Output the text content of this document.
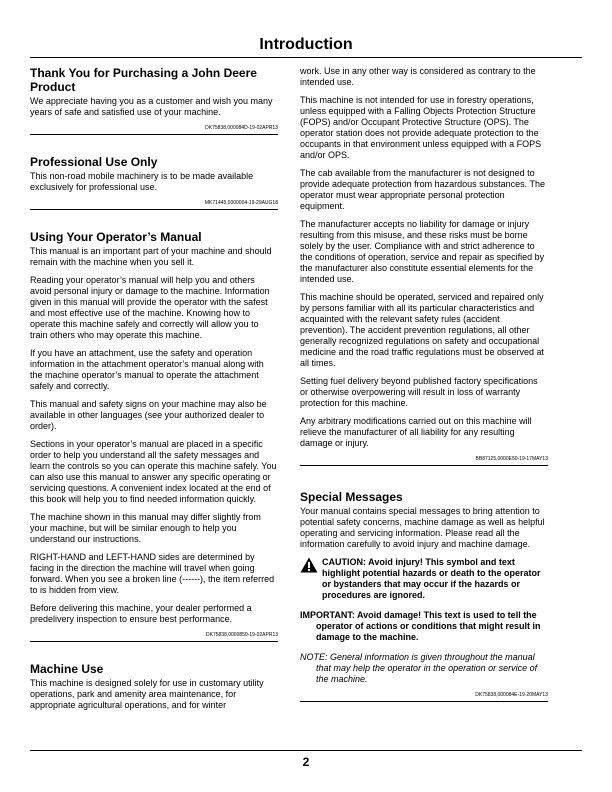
Introduction
Thank You for Purchasing a John Deere Product

We appreciate having you as a customer and wish you many years of safe and satisfied use of your machine.

DK75838,000084D-19-02APR13
Professional Use Only

This non-road mobile machinery is to be made available exclusively for professional use.

MK71445,0000004-19-29AUG18
Using Your Operator’s Manual

This manual is an important part of your machine and should remain with the machine when you sell it.

Reading your operator’s manual will help you and others avoid personal injury or damage to the machine. Information given in this manual will provide the operator with the safest and most effective use of the machine. Knowing how to operate this machine safely and correctly will allow you to train others who may operate this machine.

If you have an attachment, use the safety and operation information in the attachment operator’s manual along with the machine operator’s manual to operate the attachment safely and correctly.

This manual and safety signs on your machine may also be available in other languages (see your authorized dealer to order).

Sections in your operator’s manual are placed in a specific order to help you understand all the safety messages and learn the controls so you can operate this machine safely. You can also use this manual to answer any specific operating or servicing questions. A convenient index located at the end of this book will help you to find needed information quickly.

The machine shown in this manual may differ slightly from your machine, but will be similar enough to help you understand our instructions.

RIGHT-HAND and LEFT-HAND sides are determined by facing in the direction the machine will travel when going forward. When you see a broken line (------), the item referred to is hidden from view.

Before delivering this machine, your dealer performed a predelivery inspection to ensure best performance.

DK75838,0000850-19-02APR13
Machine Use

This machine is designed solely for use in customary utility operations, park and amenity area maintenance, for appropriate agricultural operations, and for winter

work. Use in any other way is considered as contrary to the intended use.

This machine is not intended for use in forestry operations, unless equipped with a Falling Objects Protection Structure (FOPS) and/or Occupant Protective Structure (OPS). The operator station does not provide adequate protection to the occupants in that environment unless equipped with a FOPS and/or OPS.

The cab available from the manufacturer is not designed to provide adequate protection from hazardous substances. The operator must wear appropriate personal protection equipment.

The manufacturer accepts no liability for damage or injury resulting from this misuse, and these risks must be borne solely by the user. Compliance with and strict adherence to the conditions of operation, service and repair as specified by the manufacturer also constitute essential elements for the intended use.

This machine should be operated, serviced and repaired only by persons familiar with all its particular characteristics and acquainted with the relevant safety rules (accident prevention). The accident prevention regulations, all other generally recognized regulations on safety and occupational medicine and the road traffic regulations must be observed at all times.

Setting fuel delivery beyond published factory specifications or otherwise overpowering will result in loss of warranty protection for this machine.

Any arbitrary modifications carried out on this machine will relieve the manufacturer of all liability for any resulting damage or injury.

BB87125,0000E50-19-17MAY13
Special Messages

Your manual contains special messages to bring attention to potential safety concerns, machine damage as well as helpful operating and servicing information. Please read all the information carefully to avoid injury and machine damage.

CAUTION: Avoid injury! This symbol and text highlight potential hazards or death to the operator or bystanders that may occur if the hazards or procedures are ignored.
IMPORTANT: Avoid damage! This text is used to tell the operator of actions or conditions that might result in damage to the machine.
NOTE: General information is given throughout the manual that may help the operator in the operation or service of the machine.
DK75838,000084E-19-20MAY13
2
